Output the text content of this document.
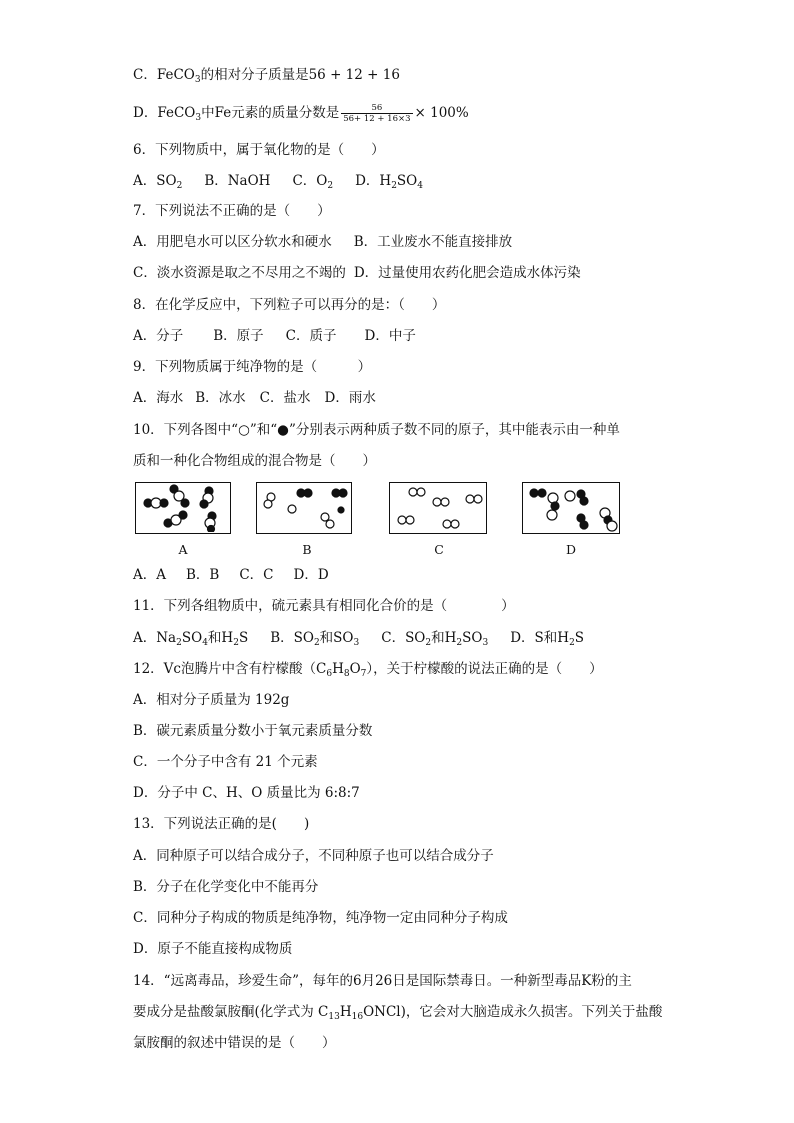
C．FeCO$_3$的相对分子质量是56 + 12 + 16
D．FeCO$_3$中Fe元素的质量分数是 $\frac{56}{56+ 12 + 16\times 3} \times 100\%$
6．下列物质中，属于氧化物的是（　　）
A．$SO_2$ B．NaOH C．$O_2$ D．$H_2SO_4$
7．下列说法不正确的是（　　）
A．用肥皂水可以区分软水和硬水 B．工业废水不能直接排放
C．淡水资源是取之不尽用之不竭的 D．过量使用农药化肥会造成水体污染
8．在化学反应中，下列粒子可以再分的是：（　　）
A．分子 B．原子 C．质子 D．中子
9．下列物质属于纯净物的是（　　　）
A．海水 B．冰水 C．盐水 D．雨水
10．下列各图中“○”和“●”分别表示两种质子数不同的原子，其中能表示由一种单
质和一种化合物组成的混合物是（　　）
A	B	C	D
A．A B．B C．C D．D
11．下列各组物质中，硫元素具有相同化合价的是（　　　　）
A．$Na_2SO_4$和$H_2S$ B．$SO_2$和$SO_3$ C．$SO_2$和$H_2SO_3$ D．S和$H_2S$
12．Vc泡腾片中含有柠檬酸$(C_6H_8O_7)$，关于柠檬酸的说法正确的是（　　）
A．相对分子质量为 192g
B．碳元素质量分数小于氧元素质量分数
C．一个分子中含有 21 个元素
D．分子中 C、H、O 质量比为 6:8:7
13．下列说法正确的是(　　)
A．同种原子可以结合成分子，不同种原子也可以结合成分子
B．分子在化学变化中不能再分
C．同种分子构成的物质是纯净物，纯净物一定由同种分子构成
D．原子不能直接构成物质
14．“远离毒品，珍爱生命”，每年的6月26日是国际禁毒日。一种新型毒品K粉的主
要成分是盐酸氯胺酮(化学式为 $C_{13}H_{16}ONCl$)，它会对大脑造成永久损害。下列关于盐酸
氯胺酮的叙述中错误的是（　　）
